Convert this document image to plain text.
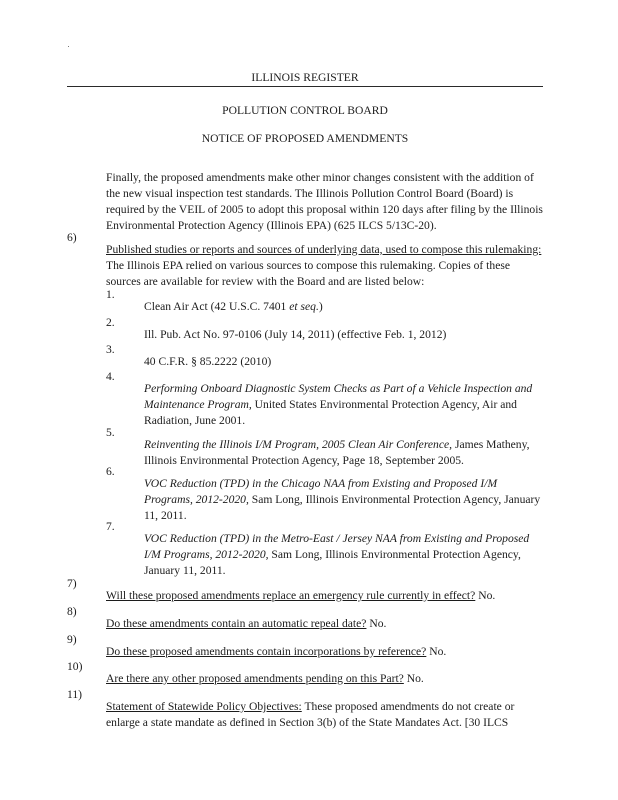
ILLINOIS REGISTER

POLLUTION CONTROL BOARD

NOTICE OF PROPOSED AMENDMENTS

Finally, the proposed amendments make other minor changes consistent with the addition of the new visual inspection test standards. The Illinois Pollution Control Board (Board) is required by the VEIL of 2005 to adopt this proposal within 120 days after filing by the Illinois Environmental Protection Agency (Illinois EPA) (625 ILCS 5/13C-20).

6)

Published studies or reports and sources of underlying data, used to compose this rulemaking: The Illinois EPA relied on various sources to compose this rulemaking. Copies of these sources are available for review with the Board and are listed below:

1.

Clean Air Act (42 U.S.C. 7401 et seq.)

2.

Ill. Pub. Act No. 97-0106 (July 14, 2011) (effective Feb. 1, 2012)

3.

40 C.F.R. § 85.2222 (2010)

4.

Performing Onboard Diagnostic System Checks as Part of a Vehicle Inspection and Maintenance Program, United States Environmental Protection Agency, Air and Radiation, June 2001.

5.

Reinventing the Illinois I/M Program, 2005 Clean Air Conference, James Matheny, Illinois Environmental Protection Agency, Page 18, September 2005.

6.

VOC Reduction (TPD) in the Chicago NAA from Existing and Proposed I/M Programs, 2012-2020, Sam Long, Illinois Environmental Protection Agency, January 11, 2011.

7.

VOC Reduction (TPD) in the Metro-East / Jersey NAA from Existing and Proposed I/M Programs, 2012-2020, Sam Long, Illinois Environmental Protection Agency, January 11, 2011.

7)

Will these proposed amendments replace an emergency rule currently in effect? No.

8)

Do these amendments contain an automatic repeal date? No.

9)

Do these proposed amendments contain incorporations by reference? No.

10)

Are there any other proposed amendments pending on this Part? No.

11)

Statement of Statewide Policy Objectives: These proposed amendments do not create or enlarge a state mandate as defined in Section 3(b) of the State Mandates Act. [30 ILCS
